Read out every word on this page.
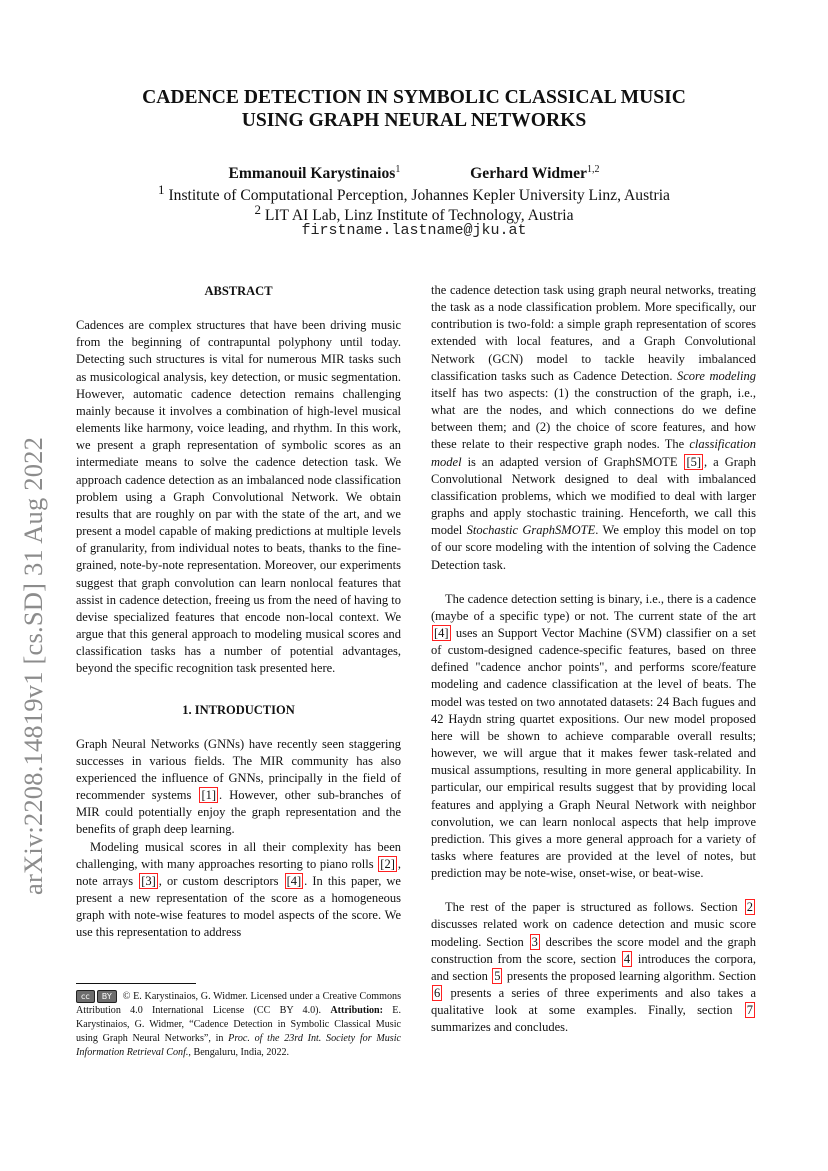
arXiv:2208.14819v1 [cs.SD] 31 Aug 2022
CADENCE DETECTION IN SYMBOLIC CLASSICAL MUSIC
USING GRAPH NEURAL NETWORKS
Emmanouil Karystinaios$^1$	Gerhard Widmer$^{1,2}$
$^1$ Institute of Computational Perception, Johannes Kepler University Linz, Austria
$^2$ LIT AI Lab, Linz Institute of Technology, Austria
firstname.lastname@jku.at

ABSTRACT

Cadences are complex structures that have been driving music from the beginning of contrapuntal polyphony until today. Detecting such structures is vital for numerous MIR tasks such as musicological analysis, key detection, or music segmentation. However, automatic cadence detection remains challenging mainly because it involves a combination of high-level musical elements like harmony, voice leading, and rhythm. In this work, we present a graph representation of symbolic scores as an intermediate means to solve the cadence detection task. We approach cadence detection as an imbalanced node classification problem using a Graph Convolutional Network. We obtain results that are roughly on par with the state of the art, and we present a model capable of making predictions at multiple levels of granularity, from individual notes to beats, thanks to the fine-grained, note-by-note representation. Moreover, our experiments suggest that graph convolution can learn nonlocal features that assist in cadence detection, freeing us from the need of having to devise specialized features that encode non-local context. We argue that this general approach to modeling musical scores and classification tasks has a number of potential advantages, beyond the specific recognition task presented here.

1. INTRODUCTION

Graph Neural Networks (GNNs) have recently seen staggering successes in various fields. The MIR community has also experienced the influence of GNNs, principally in the field of recommender systems [1] . However, other sub-branches of MIR could potentially enjoy the graph representation and the benefits of graph deep learning.

Modeling musical scores in all their complexity has been challenging, with many approaches resorting to piano rolls [2] , note arrays [3] , or custom descriptors [4] . In this paper, we present a new representation of the score as a homogeneous graph with note-wise features to model aspects of the score. We use this representation to address

cc	BY	© E. Karystinaios, G. Widmer. Licensed under a Creative Commons Attribution 4.0 International License (CC BY 4.0). Attribution: E. Karystinaios, G. Widmer, “Cadence Detection in Symbolic Classical Music using Graph Neural Networks”, in Proc. of the 23rd Int. Society for Music Information Retrieval Conf., Bengaluru, India, 2022.

the cadence detection task using graph neural networks, treating the task as a node classification problem. More specifically, our contribution is two-fold: a simple graph representation of scores extended with local features, and a Graph Convolutional Network (GCN) model to tackle heavily imbalanced classification tasks such as Cadence Detection. Score modeling itself has two aspects: (1) the construction of the graph, i.e., what are the nodes, and which connections do we define between them; and (2) the choice of score features, and how these relate to their respective graph nodes. The classification model is an adapted version of GraphSMOTE [5] , a Graph Convolutional Network designed to deal with imbalanced classification problems, which we modified to deal with larger graphs and apply stochastic training. Henceforth, we call this model Stochastic GraphSMOTE. We employ this model on top of our score modeling with the intention of solving the Cadence Detection task.

The cadence detection setting is binary, i.e., there is a cadence (maybe of a specific type) or not. The current state of the art [4] uses an Support Vector Machine (SVM) classifier on a set of custom-designed cadence-specific features, based on three defined "cadence anchor points", and performs score/feature modeling and cadence classification at the level of beats. The model was tested on two annotated datasets: 24 Bach fugues and 42 Haydn string quartet expositions. Our new model proposed here will be shown to achieve comparable overall results; however, we will argue that it makes fewer task-related and musical assumptions, resulting in more general applicability. In particular, our empirical results suggest that by providing local features and applying a Graph Neural Network with neighbor convolution, we can learn nonlocal aspects that help improve prediction. This gives a more general approach for a variety of tasks where features are provided at the level of notes, but prediction may be note-wise, onset-wise, or beat-wise.

The rest of the paper is structured as follows. Section 2 discusses related work on cadence detection and music score modeling. Section 3 describes the score model and the graph construction from the score, section 4 introduces the corpora, and section 5 presents the proposed learning algorithm. Section 6 presents a series of three experiments and also takes a qualitative look at some examples. Finally, section 7 summarizes and concludes.
